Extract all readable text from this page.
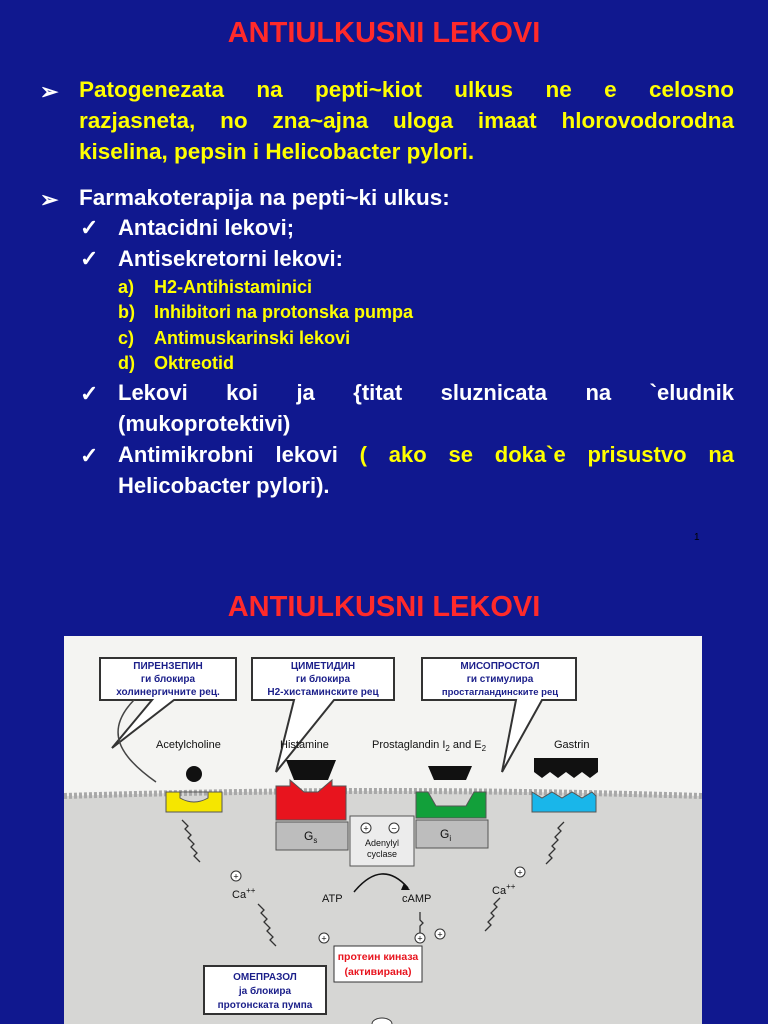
ANTIULKUSNI LEKOVI
➢ Patogenezata na pepti~kiot ulkus ne e celosno
razjasneta, no zna~ajna uloga imaat hlorovodorodna
kiselina, pepsin i Helicobacter pylori.
➢ Farmakoterapija na pepti~ki ulkus:
✓ Antacidni lekovi;
✓ Antisekretorni lekovi:
a) H2-Antihistaminici
b) Inhibitori na protonska pumpa
c) Antimuskarinski lekovi
d) Oktreotid
✓ Lekovi koi ja {titat sluznicata na `eludnik
(mukoprotektivi)
✓ Antimikrobni lekovi ( ako se doka`e prisustvo na
Helicobacter pylori).
1
ANTIULKUSNI LEKOVI
ПИРЕНЗЕПИН
ги блокира
холинергичните рец.
ЦИМЕТИДИН
ги блокира
H2-хистаминските рец
МИСОПРОСТОЛ
ги стимулира
простагландинските рец
Acetylcholine	Histamine	Prostaglandin $I_2$ and $E_2$	Gastrin
$G_s$	$G_i$
+	−
Adenylyl
cyclase
ATP	cAMP
+
Ca++
+
Ca++
+	+ +
протеин киназа
(активирана)
ОМЕПРАЗОЛ
ја блокира
протонската пумпа
